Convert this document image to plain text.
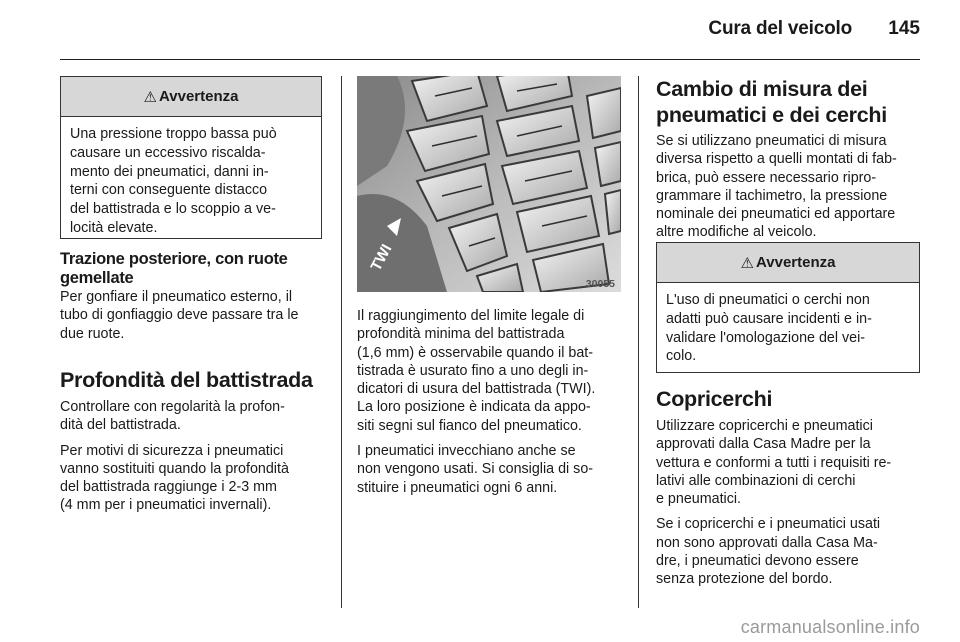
Cura del veicolo 145
⚠ Avvertenza

Una pressione troppo bassa può
causare un eccessivo riscalda-
mento dei pneumatici, danni in-
terni con conseguente distacco
del battistrada e lo scoppio a ve-
locità elevate.

Trazione posteriore, con ruote
gemellate

Per gonfiare il pneumatico esterno, il
tubo di gonfiaggio deve passare tra le
due ruote.

Profondità del battistrada

Controllare con regolarità la profon-
dità del battistrada.

Per motivi di sicurezza i pneumatici
vanno sostituiti quando la profondità
del battistrada raggiunge i 2-3 mm
(4 mm per i pneumatici invernali).

TWI
30055

Il raggiungimento del limite legale di
profondità minima del battistrada
(1,6 mm) è osservabile quando il bat-
tistrada è usurato fino a uno degli in-
dicatori di usura del battistrada (TWI).
La loro posizione è indicata da appo-
siti segni sul fianco del pneumatico.

I pneumatici invecchiano anche se
non vengono usati. Si consiglia di so-
stituire i pneumatici ogni 6 anni.

Cambio di misura dei
pneumatici e dei cerchi

Se si utilizzano pneumatici di misura
diversa rispetto a quelli montati di fab-
brica, può essere necessario ripro-
grammare il tachimetro, la pressione
nominale dei pneumatici ed apportare
altre modifiche al veicolo.

⚠ Avvertenza

L'uso di pneumatici o cerchi non
adatti può causare incidenti e in-
validare l'omologazione del vei-
colo.

Copricerchi

Utilizzare copricerchi e pneumatici
approvati dalla Casa Madre per la
vettura e conformi a tutti i requisiti re-
lativi alle combinazioni di cerchi
e pneumatici.

Se i copricerchi e i pneumatici usati
non sono approvati dalla Casa Ma-
dre, i pneumatici devono essere
senza protezione del bordo.

carmanualsonline.info
